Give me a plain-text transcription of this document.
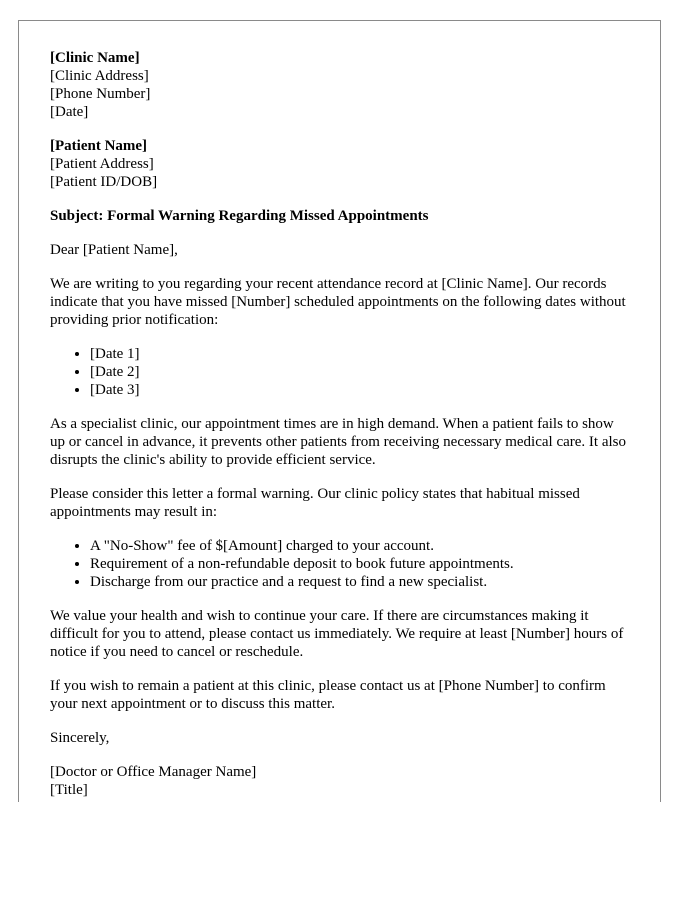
[Clinic Name]
[Clinic Address]
[Phone Number]
[Date]
[Patient Name]
[Patient Address]
[Patient ID/DOB]

Subject: Formal Warning Regarding Missed Appointments

Dear [Patient Name],

We are writing to you regarding your recent attendance record at [Clinic Name]. Our records indicate that you have missed [Number] scheduled appointments on the following dates without providing prior notification:

• [Date 1]
• [Date 2]
• [Date 3]

As a specialist clinic, our appointment times are in high demand. When a patient fails to show up or cancel in advance, it prevents other patients from receiving necessary medical care. It also disrupts the clinic's ability to provide efficient service.

Please consider this letter a formal warning. Our clinic policy states that habitual missed appointments may result in:

• A "No-Show" fee of $[Amount] charged to your account.
• Requirement of a non-refundable deposit to book future appointments.
• Discharge from our practice and a request to find a new specialist.

We value your health and wish to continue your care. If there are circumstances making it difficult for you to attend, please contact us immediately. We require at least [Number] hours of notice if you need to cancel or reschedule.

If you wish to remain a patient at this clinic, please contact us at [Phone Number] to confirm your next appointment or to discuss this matter.

Sincerely,

[Doctor or Office Manager Name]
[Title]
